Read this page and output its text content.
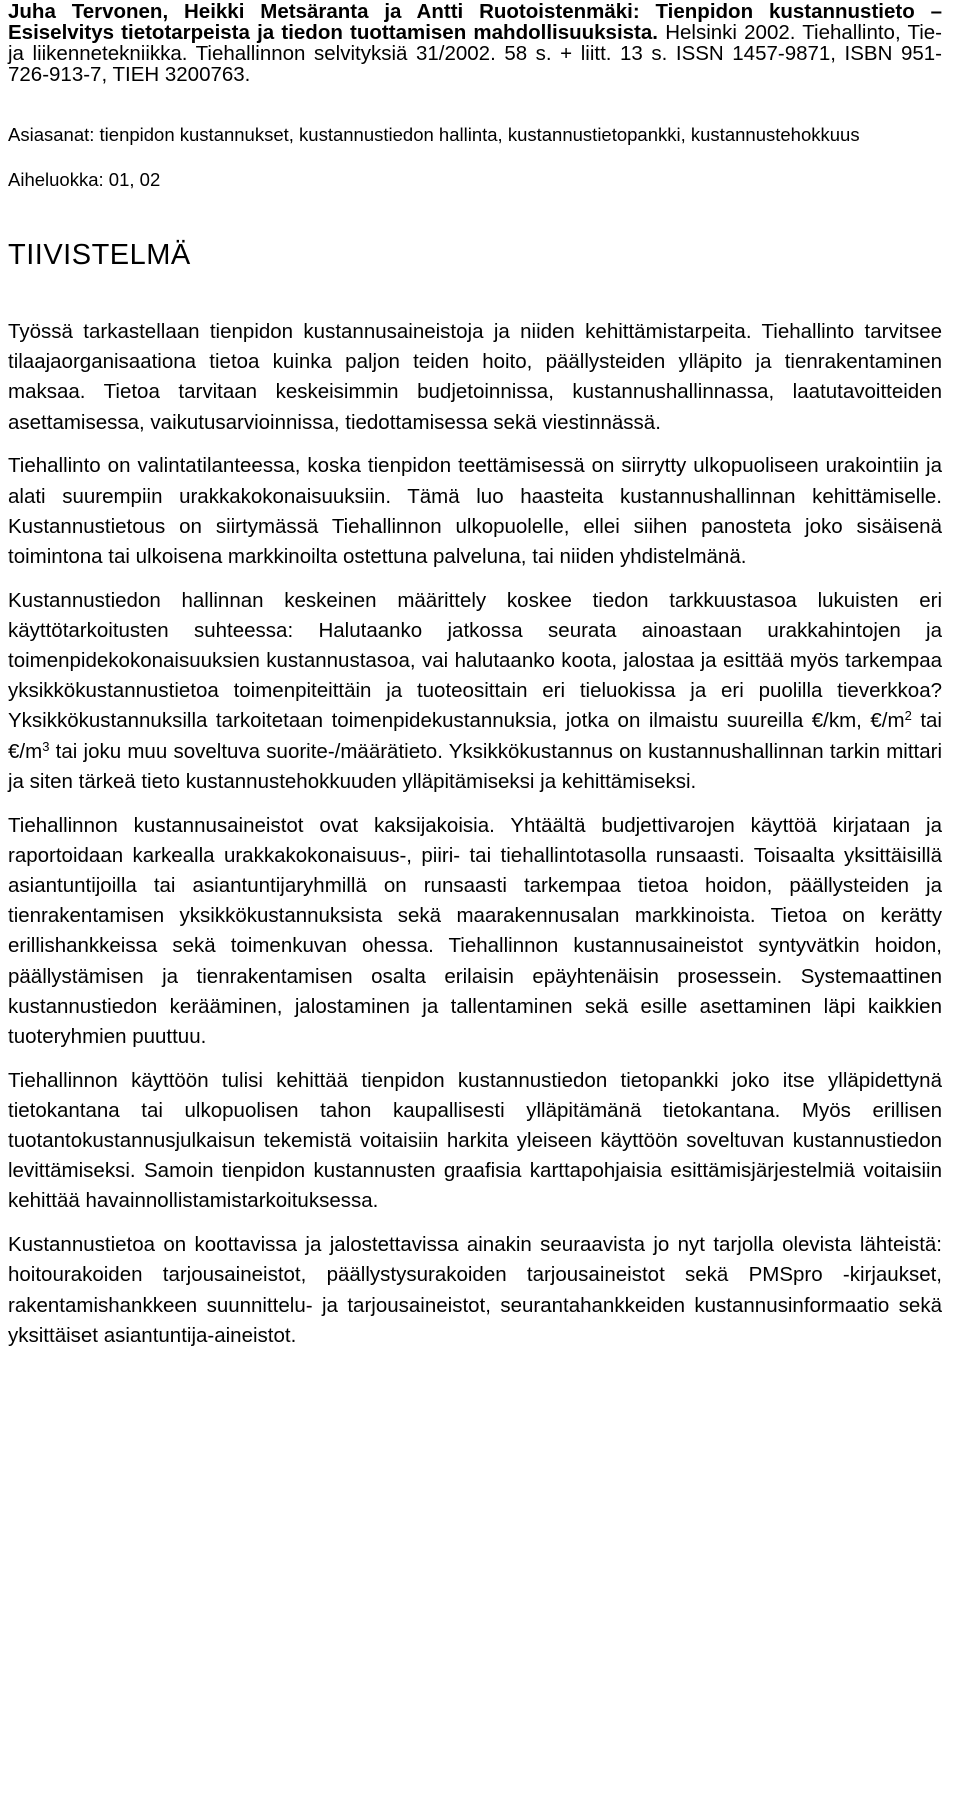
Juha Tervonen, Heikki Metsäranta ja Antti Ruotoistenmäki: Tienpidon kustannustieto – Esiselvitys tietotarpeista ja tiedon tuottamisen mahdollisuuksista. Helsinki 2002. Tiehallinto, Tie- ja liikennetekniikka. Tiehallinnon selvityksiä 31/2002. 58 s. + liitt. 13 s. ISSN 1457-9871, ISBN 951-726-913-7, TIEH 3200763.
Asiasanat: tienpidon kustannukset, kustannustiedon hallinta, kustannustietopankki, kustannustehokkuus
Aiheluokka: 01, 02
TIIVISTELMÄ

Työssä tarkastellaan tienpidon kustannusaineistoja ja niiden kehittämistarpeita. Tiehallinto tarvitsee tilaajaorganisaationa tietoa kuinka paljon teiden hoito, päällysteiden ylläpito ja tienrakentaminen maksaa. Tietoa tarvitaan keskeisimmin budjetoinnissa, kustannushallinnassa, laatutavoitteiden asettamisessa, vaikutusarvioinnissa, tiedottamisessa sekä viestinnässä.

Tiehallinto on valintatilanteessa, koska tienpidon teettämisessä on siirrytty ulkopuoliseen urakointiin ja alati suurempiin urakkakokonaisuuksiin. Tämä luo haasteita kustannushallinnan kehittämiselle. Kustannustietous on siirtymässä Tiehallinnon ulkopuolelle, ellei siihen panosteta joko sisäisenä toimintona tai ulkoisena markkinoilta ostettuna palveluna, tai niiden yhdistelmänä.

Kustannustiedon hallinnan keskeinen määrittely koskee tiedon tarkkuustasoa lukuisten eri käyttötarkoitusten suhteessa: Halutaanko jatkossa seurata ainoastaan urakkahintojen ja toimenpidekokonaisuuksien kustannustasoa, vai halutaanko koota, jalostaa ja esittää myös tarkempaa yksikkökustannustietoa toimenpiteittäin ja tuoteosittain eri tieluokissa ja eri puolilla tieverkkoa? Yksikkökustannuksilla tarkoitetaan toimenpidekustannuksia, jotka on ilmaistu suureilla €/km, $€/m^2$ tai $€/m^3$ tai joku muu soveltuva suorite-/määrätieto. Yksikkökustannus on kustannushallinnan tarkin mittari ja siten tärkeä tieto kustannustehokkuuden ylläpitämiseksi ja kehittämiseksi.

Tiehallinnon kustannusaineistot ovat kaksijakoisia. Yhtäältä budjettivarojen käyttöä kirjataan ja raportoidaan karkealla urakkakokonaisuus-, piiri- tai tiehallintotasolla runsaasti. Toisaalta yksittäisillä asiantuntijoilla tai asiantuntijaryhmillä on runsaasti tarkempaa tietoa hoidon, päällysteiden ja tienrakentamisen yksikkökustannuksista sekä maarakennusalan markkinoista. Tietoa on kerätty erillishankkeissa sekä toimenkuvan ohessa. Tiehallinnon kustannusaineistot syntyvätkin hoidon, päällystämisen ja tienrakentamisen osalta erilaisin epäyhtenäisin prosessein. Systemaattinen kustannustiedon kerääminen, jalostaminen ja tallentaminen sekä esille asettaminen läpi kaikkien tuoteryhmien puuttuu.

Tiehallinnon käyttöön tulisi kehittää tienpidon kustannustiedon tietopankki joko itse ylläpidettynä tietokantana tai ulkopuolisen tahon kaupallisesti ylläpitämänä tietokantana. Myös erillisen tuotantokustannusjulkaisun tekemistä voitaisiin harkita yleiseen käyttöön soveltuvan kustannustiedon levittämiseksi. Samoin tienpidon kustannusten graafisia karttapohjaisia esittämisjärjestelmiä voitaisiin kehittää havainnollistamistarkoituksessa.

Kustannustietoa on koottavissa ja jalostettavissa ainakin seuraavista jo nyt tarjolla olevista lähteistä: hoitourakoiden tarjousaineistot, päällystysurakoiden tarjousaineistot sekä PMSpro -kirjaukset, rakentamishankkeen suunnittelu- ja tarjousaineistot, seurantahankkeiden kustannusinformaatio sekä yksittäiset asiantuntija-aineistot.
